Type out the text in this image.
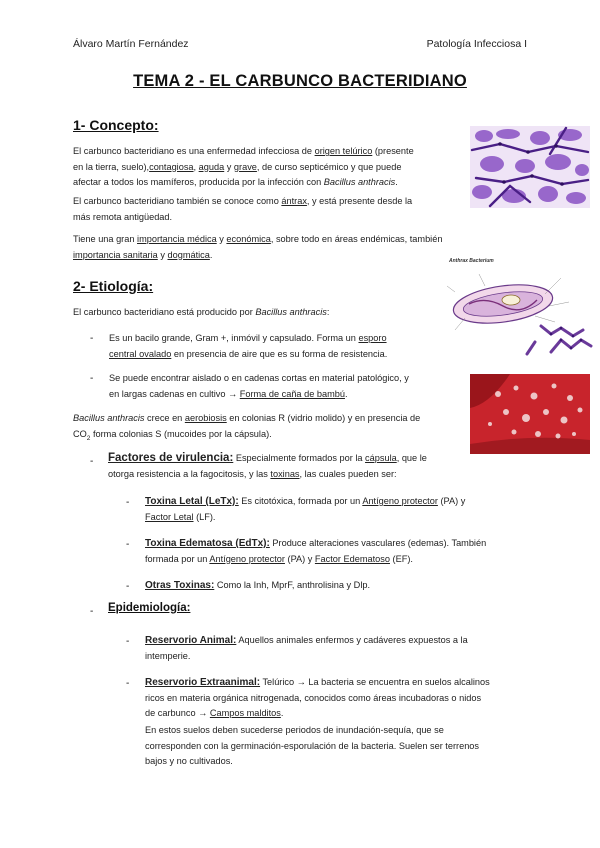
Álvaro Martín Fernández	Patología Infecciosa I
TEMA 2 - EL CARBUNCO BACTERIDIANO
1- Concepto:
El carbunco bacteridiano es una enfermedad infecciosa de origen telúrico (presente
en la tierra, suelo),contagiosa, aguda y grave, de curso septicémico y que puede
afectar a todos los mamíferos, producida por la infección con Bacillus anthracis.
El carbunco bacteridiano también se conoce como ántrax, y está presente desde la
más remota antigüedad.
Tiene una gran importancia médica y económica, sobre todo en áreas endémicas, también
importancia sanitaria y dogmática.
2- Etiología:
El carbunco bacteridiano está producido por Bacillus anthracis:
Anthrax Bacterium
- Es un bacilo grande, Gram +, inmóvil y capsulado. Forma un esporo
central ovalado en presencia de aire que es su forma de resistencia.
- Se puede encontrar aislado o en cadenas cortas en material patológico, y
en largas cadenas en cultivo → Forma de caña de bambú.
Bacillus anthracis crece en aerobiosis en colonias R (vidrio molido) y en presencia de
$CO_2$ forma colonias S (mucoides por la cápsula).
- Factores de virulencia: Especialmente formados por la cápsula, que le
otorga resistencia a la fagocitosis, y las toxinas, las cuales pueden ser:
- Toxina Letal (LeTx): Es citotóxica, formada por un Antígeno protector (PA) y
Factor Letal (LF).
- Toxina Edematosa (EdTx): Produce alteraciones vasculares (edemas). También
formada por un Antígeno protector (PA) y Factor Edematoso (EF).
- Otras Toxinas: Como la Inh, MprF, anthrolisina y Dlp.
- Epidemiología:
- Reservorio Animal: Aquellos animales enfermos y cadáveres expuestos a la
intemperie.
- Reservorio Extraanimal: Telúrico → La bacteria se encuentra en suelos alcalinos
ricos en materia orgánica nitrogenada, conocidos como áreas incubadoras o nidos
de carbunco → Campos malditos.
En estos suelos deben sucederse periodos de inundación-sequía, que se
corresponden con la germinación-esporulación de la bacteria. Suelen ser terrenos
bajos y no cultivados.
